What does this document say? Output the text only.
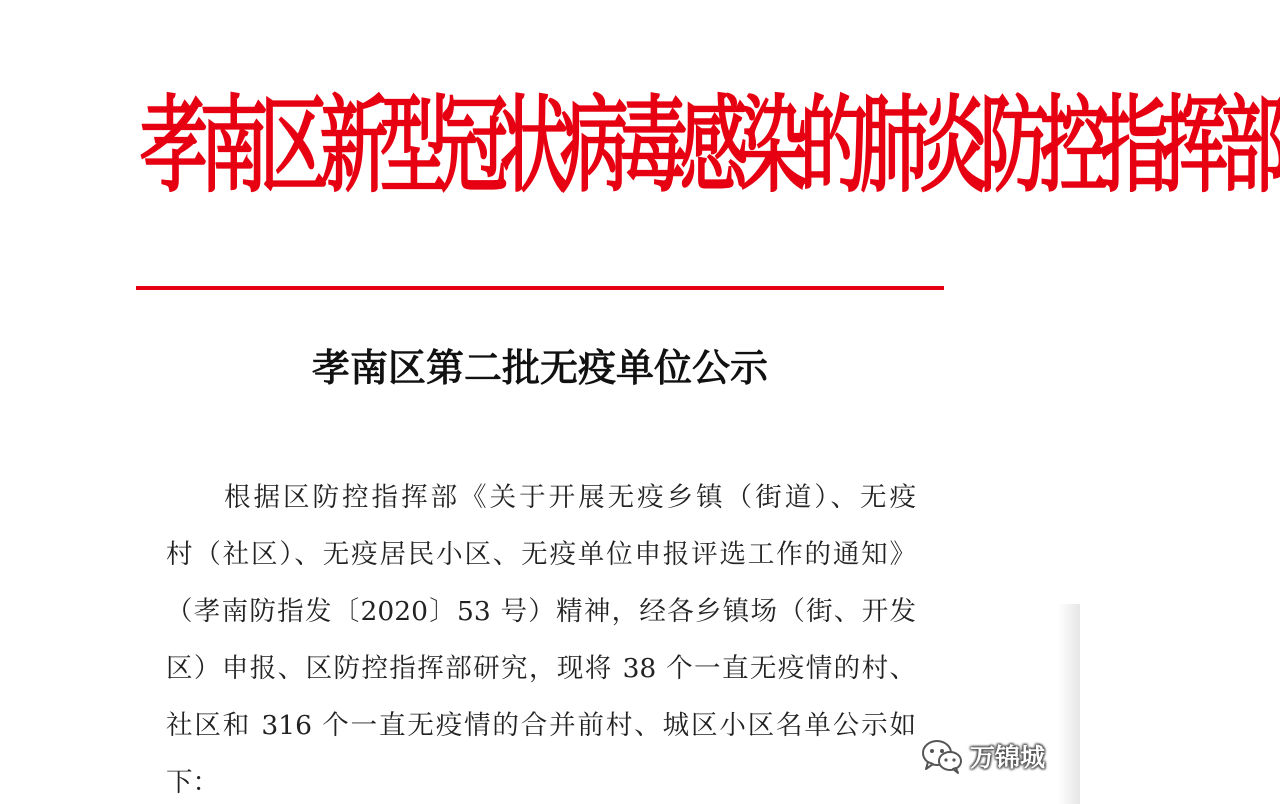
孝南区新型冠状病毒感染的肺炎防控指挥部
孝南区第二批无疫单位公示
根据区防控指挥部《关于开展无疫乡镇（街道）、无疫
村（社区）、无疫居民小区、无疫单位申报评选工作的通知》
（孝南防指发〔2020〕53 号）精神，经各乡镇场（街、开发
区）申报、区防控指挥部研究，现将 38 个一直无疫情的村、
社区和 316 个一直无疫情的合并前村、城区小区名单公示如
下：
万锦城
